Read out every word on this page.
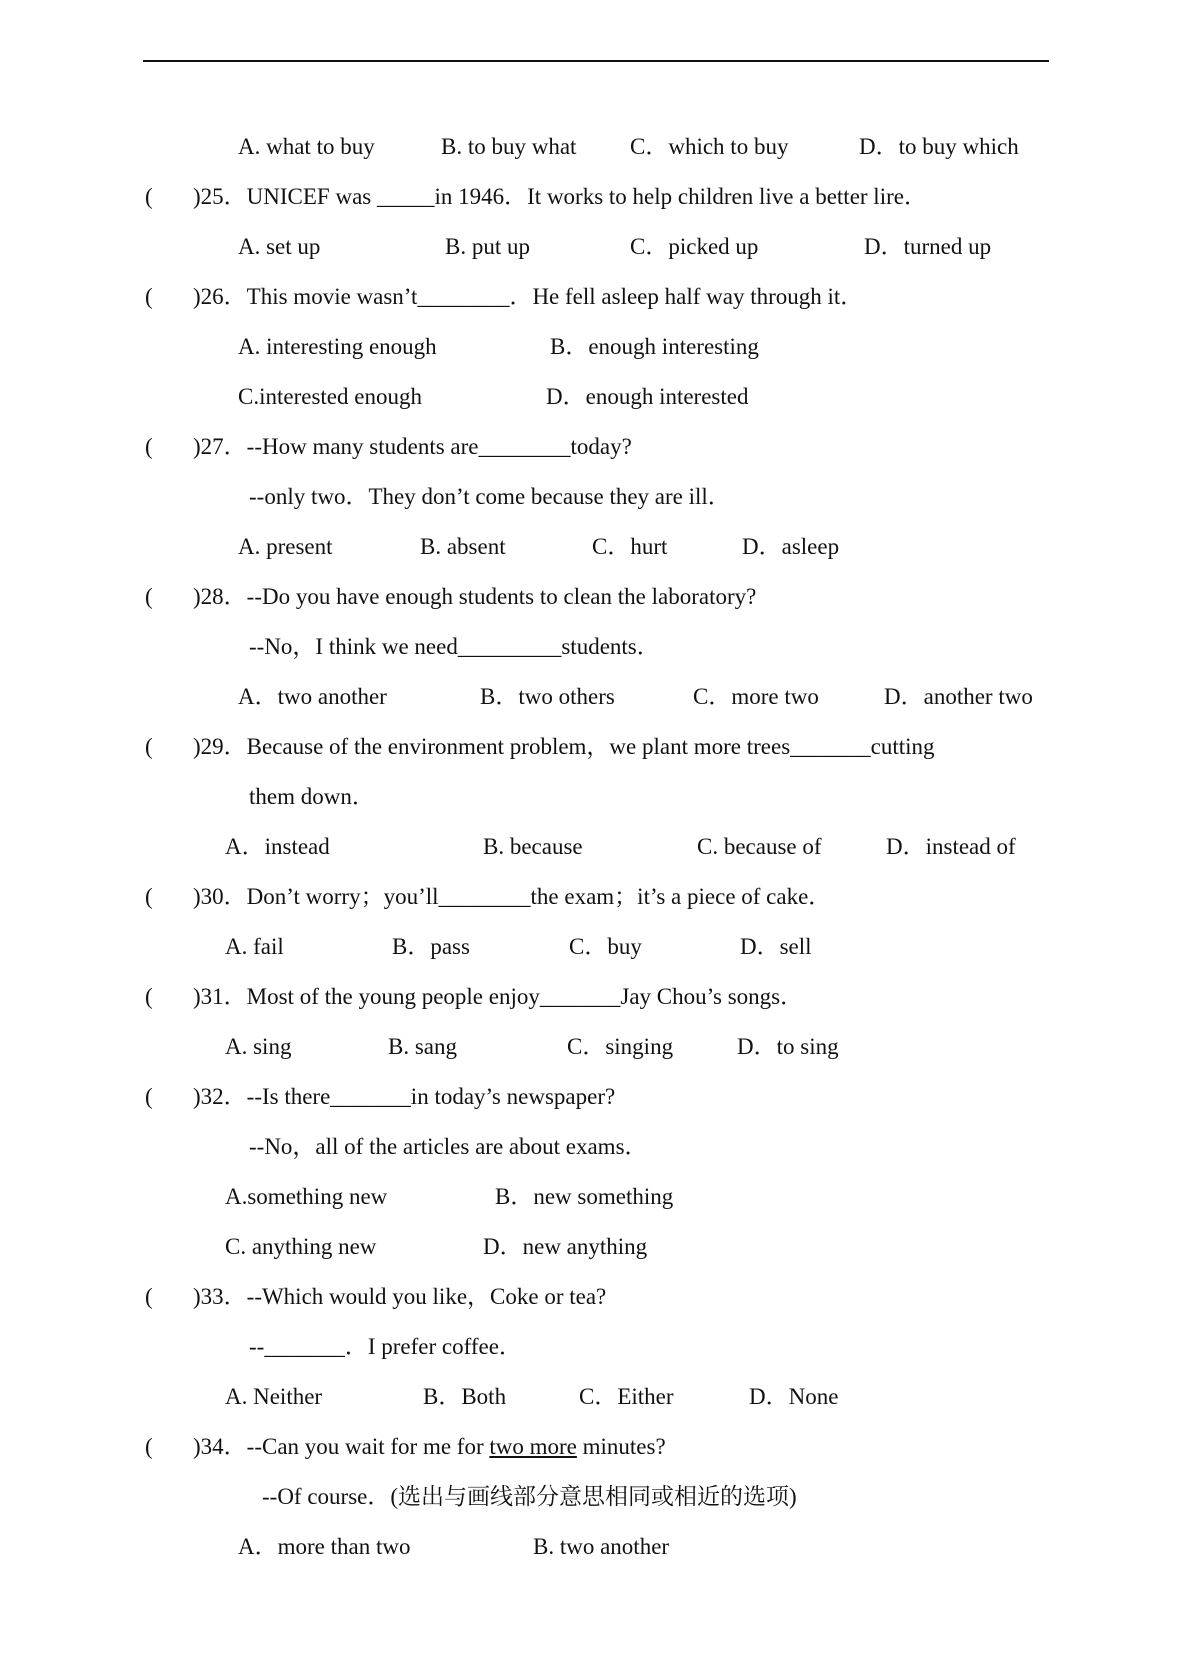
A. what to buy	B. to buy what C．which to buy	D．to buy which
( )25．UNICEF was _____in 1946．It works to help children live a better lire．
A. set up	B. put up	C．picked up	D．turned up
( )26．This movie wasn’t________．He fell asleep half way through it．
A. interesting enough	B．enough interesting
C.interested enough	D．enough interested
( )27．--How many students are________today?
--only two．They don’t come because they are ill．
A. present	B. absent	C．hurt	D．asleep
( )28．--Do you have enough students to clean the laboratory?
--No，I think we need_________students．
A．two another	B．two others	C．more two	D．another two
( )29．Because of the environment problem，we plant more trees_______cutting
them down．
A．instead	B. because	C. because of	D．instead of
( )30．Don’t worry；you’ll________the exam；it’s a piece of cake．
A. fail	B．pass	C．buy	D．sell
( )31．Most of the young people enjoy_______Jay Chou’s songs．
A. sing	B. sang	C．singing	D．to sing
( )32．--Is there_______in today’s newspaper?
--No，all of the articles are about exams．
A.something new	B．new something
C. anything new	D．new anything
( )33．--Which would you like，Coke or tea?
--_______．I prefer coffee．
A. Neither	B．Both	C．Either	D．None
( )34．--Can you wait for me for two more minutes?
--Of course．(选出与画线部分意思相同或相近的选项)
A．more than two	B. two another
